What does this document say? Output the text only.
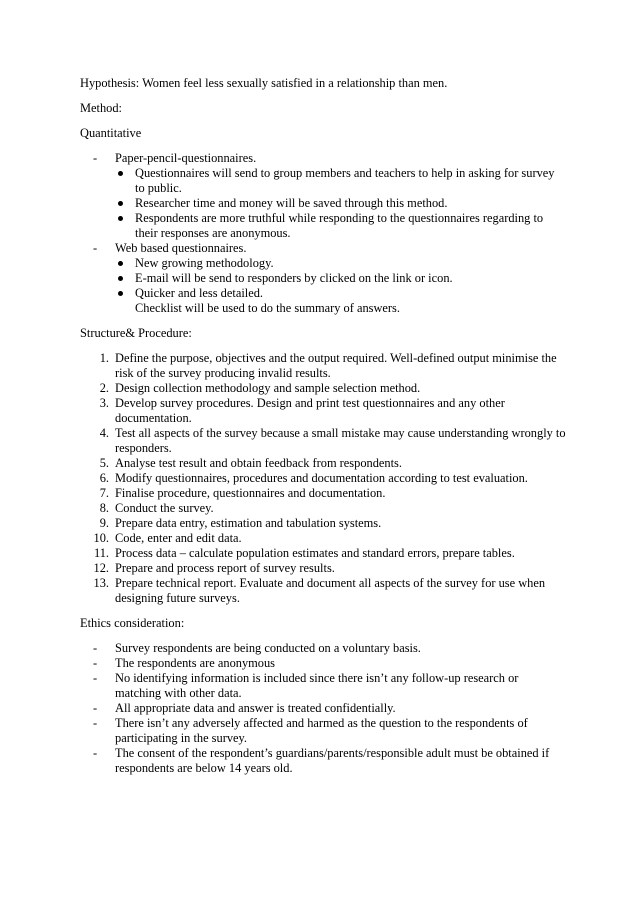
Hypothesis: Women feel less sexually satisfied in a relationship than men.

Method:

Quantitative

- Paper-pencil-questionnaires.
Questionnaires will send to group members and teachers to help in asking for survey to public.
Researcher time and money will be saved through this method.
Respondents are more truthful while responding to the questionnaires regarding to their responses are anonymous.
- Web based questionnaires.
New growing methodology.
E-mail will be send to responders by clicked on the link or icon.
Quicker and less detailed.
Checklist will be used to do the summary of answers.

Structure& Procedure:

1. Define the purpose, objectives and the output required. Well-defined output minimise the risk of the survey producing invalid results.
2. Design collection methodology and sample selection method.
3. Develop survey procedures. Design and print test questionnaires and any other documentation.
4. Test all aspects of the survey because a small mistake may cause understanding wrongly to responders.
5. Analyse test result and obtain feedback from respondents.
6. Modify questionnaires, procedures and documentation according to test evaluation.
7. Finalise procedure, questionnaires and documentation.
8. Conduct the survey.
9. Prepare data entry, estimation and tabulation systems.
10. Code, enter and edit data.
11. Process data – calculate population estimates and standard errors, prepare tables.
12. Prepare and process report of survey results.
13. Prepare technical report. Evaluate and document all aspects of the survey for use when designing future surveys.

Ethics consideration:

- Survey respondents are being conducted on a voluntary basis.
- The respondents are anonymous
- No identifying information is included since there isn’t any follow-up research or matching with other data.
- All appropriate data and answer is treated confidentially.
- There isn’t any adversely affected and harmed as the question to the respondents of participating in the survey.
- The consent of the respondent’s guardians/parents/responsible adult must be obtained if respondents are below 14 years old.
